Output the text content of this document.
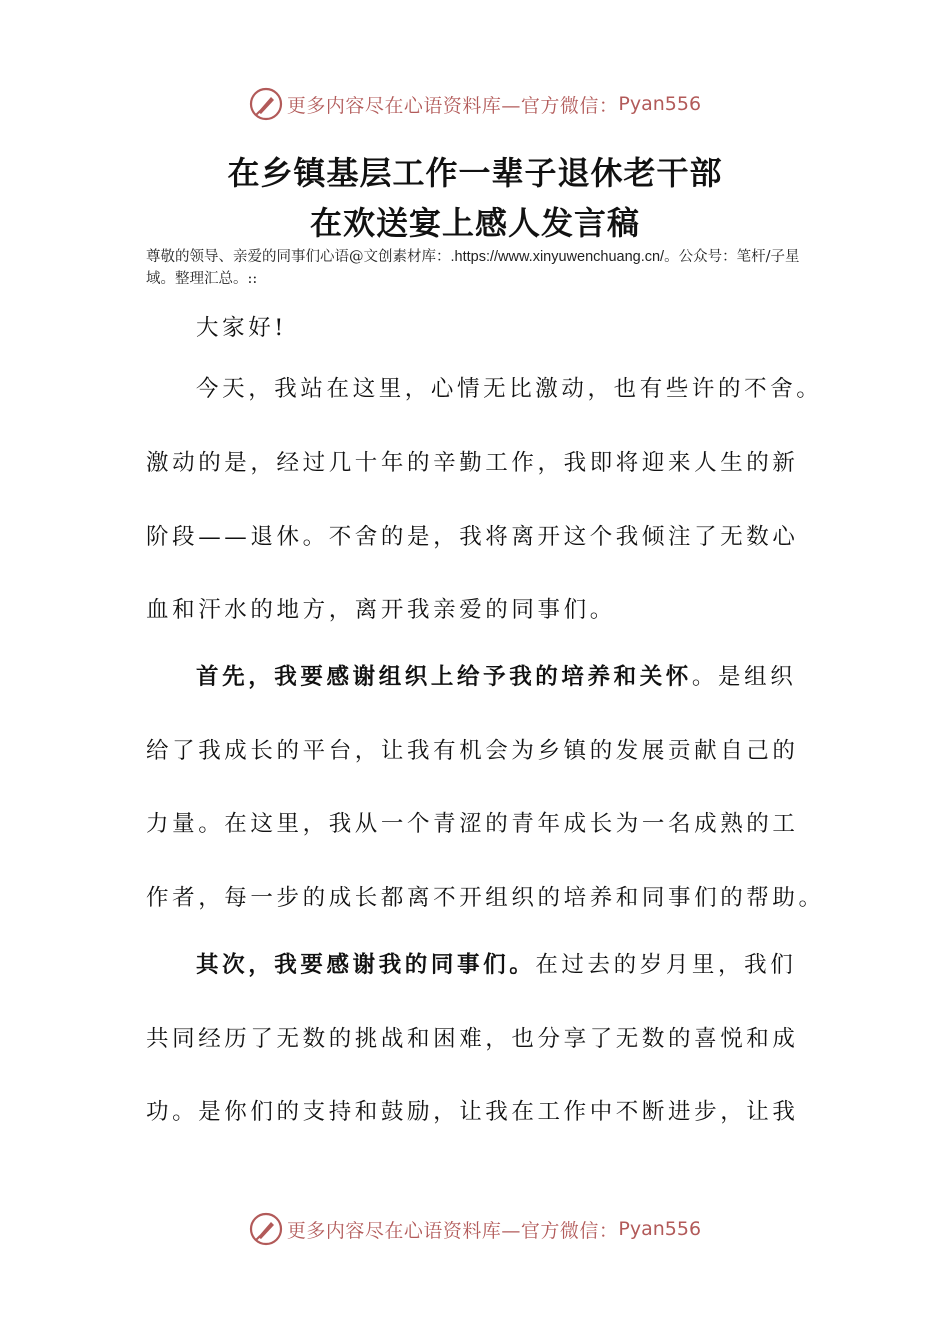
更多内容尽在心语资料库—官方微信： Pyan556
在乡镇基层工作一辈子退休老干部
在欢送宴上感人发言稿
尊敬的领导、亲爱的同事们心语@文创素材库：.https://www.xinyuwenchuang.cn/。公众号：笔杆/子星域。整理汇总。::
大家好!
今天，我站在这里，心情无比激动，也有些许的不舍。
激动的是，经过几十年的辛勤工作，我即将迎来人生的新
阶段——退休。不舍的是，我将离开这个我倾注了无数心
血和汗水的地方，离开我亲爱的同事们。
首先，我要感谢组织上给予我的培养和关怀。是组织
给了我成长的平台，让我有机会为乡镇的发展贡献自己的
力量。在这里，我从一个青涩的青年成长为一名成熟的工
作者，每一步的成长都离不开组织的培养和同事们的帮助。
其次，我要感谢我的同事们。在过去的岁月里，我们
共同经历了无数的挑战和困难，也分享了无数的喜悦和成
功。是你们的支持和鼓励，让我在工作中不断进步，让我
更多内容尽在心语资料库—官方微信： Pyan556
